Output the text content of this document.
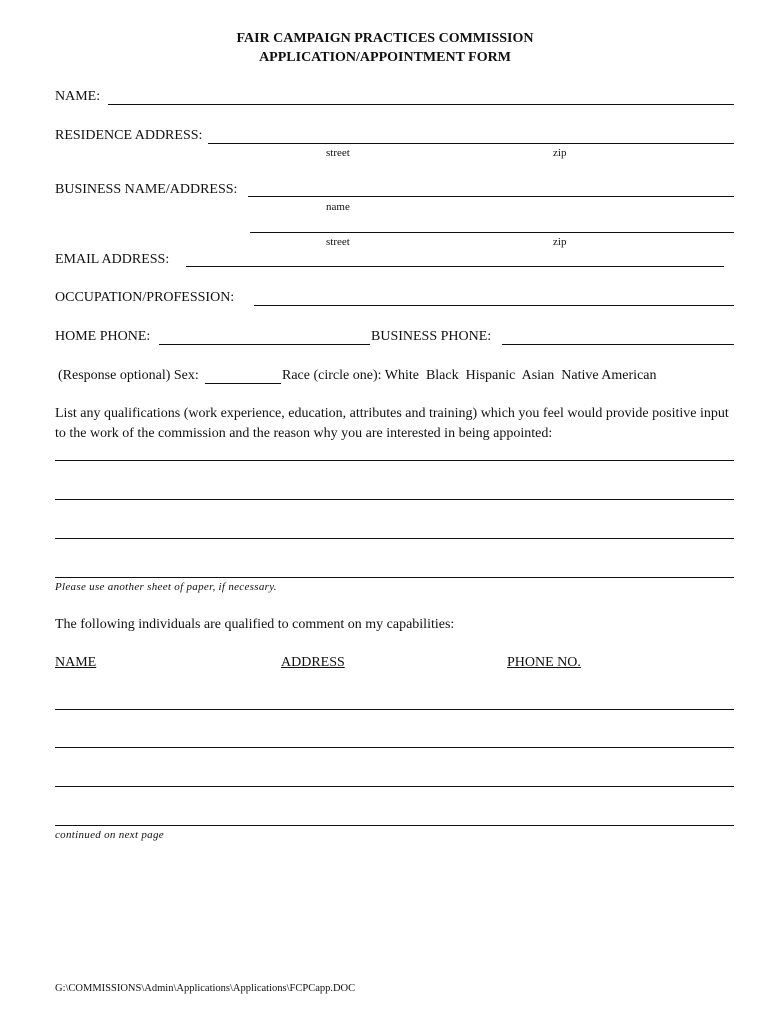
FAIR CAMPAIGN PRACTICES COMMISSION
APPLICATION/APPOINTMENT FORM
NAME:
RESIDENCE ADDRESS:
street	zip
BUSINESS NAME/ADDRESS:
name
street	zip
EMAIL ADDRESS:
OCCUPATION/PROFESSION:
HOME PHONE:	BUSINESS PHONE:
(Response optional) Sex:	Race (circle one): White  Black  Hispanic  Asian  Native American
List any qualifications (work experience, education, attributes and training) which you feel would provide positive input
to the work of the commission and the reason why you are interested in being appointed:
Please use another sheet of paper, if necessary.
The following individuals are qualified to comment on my capabilities:
NAME	ADDRESS	PHONE NO.
continued on next page
G:\COMMISSIONS\Admin\Applications\Applications\FCPCapp.DOC
